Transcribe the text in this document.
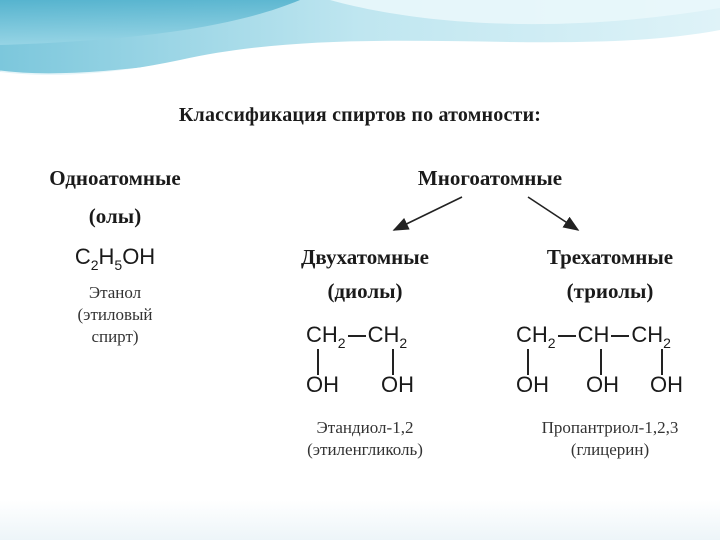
Классификация спиртов по атомности:
Одноатомные
(олы)
$C_2H_5OH$
Этанол
(этиловый
спирт)
Многоатомные
Двухатомные
(диолы)
$CH_2$ $CH_2$
OH OH
Этандиол-1,2
(этиленгликоль)
Трехатомные
(триолы)
$CH_2$ CH $CH_2$
OH OH OH
Пропантриол-1,2,3
(глицерин)
